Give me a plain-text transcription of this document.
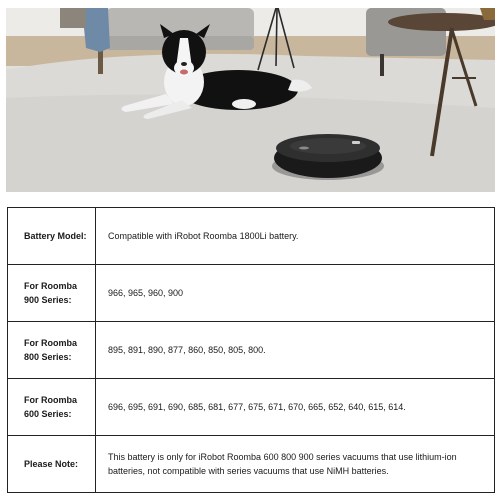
Battery Model:	Compatible with iRobot Roomba 1800Li battery.
For Roomba 900 Series:	966, 965, 960, 900
For Roomba 800 Series:	895, 891, 890, 877, 860, 850, 805, 800.
For Roomba 600 Series:	696, 695, 691, 690, 685, 681, 677, 675, 671, 670, 665, 652, 640, 615, 614.
Please Note:	This battery is only for iRobot Roomba 600 800 900 series vacuums that use lithium-ion batteries, not compatible with series vacuums that use NiMH batteries.
